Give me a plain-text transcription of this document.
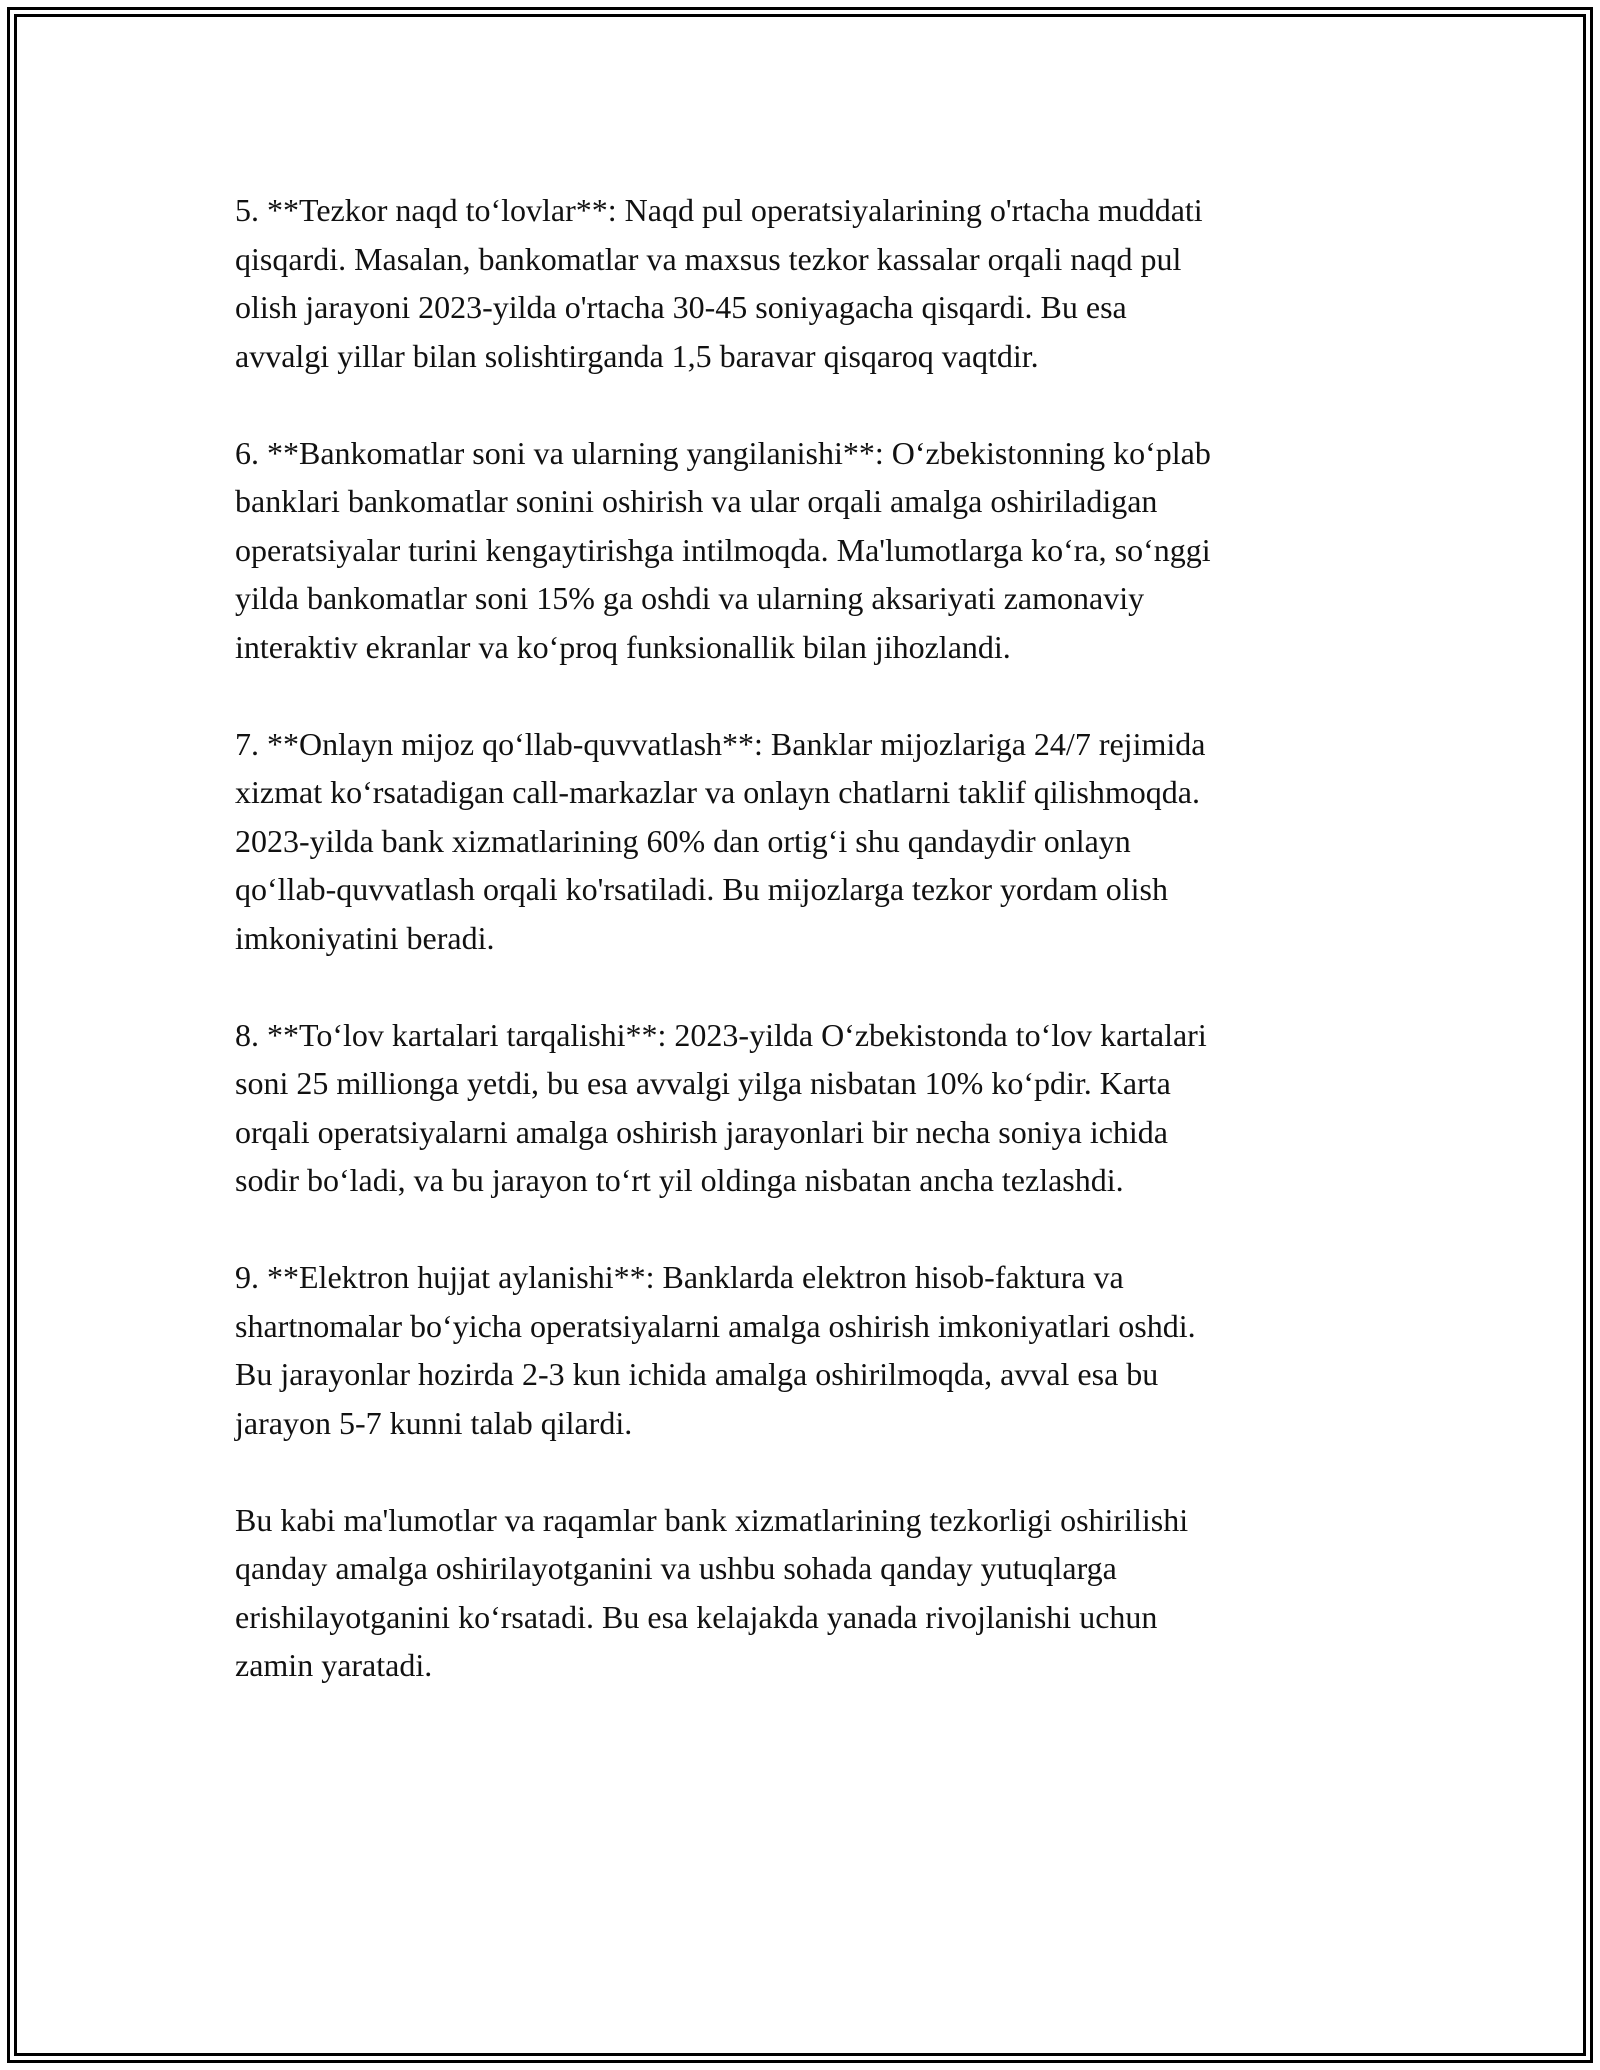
5. **Tezkor naqd to‘lovlar**: Naqd pul operatsiyalarining o'rtacha muddati
qisqardi. Masalan, bankomatlar va maxsus tezkor kassalar orqali naqd pul
olish jarayoni 2023-yilda o'rtacha 30-45 soniyagacha qisqardi. Bu esa
avvalgi yillar bilan solishtirganda 1,5 baravar qisqaroq vaqtdir.

6. **Bankomatlar soni va ularning yangilanishi**: O‘zbekistonning ko‘plab
banklari bankomatlar sonini oshirish va ular orqali amalga oshiriladigan
operatsiyalar turini kengaytirishga intilmoqda. Ma'lumotlarga ko‘ra, so‘nggi
yilda bankomatlar soni 15% ga oshdi va ularning aksariyati zamonaviy
interaktiv ekranlar va ko‘proq funksionallik bilan jihozlandi.

7. **Onlayn mijoz qo‘llab-quvvatlash**: Banklar mijozlariga 24/7 rejimida
xizmat ko‘rsatadigan call-markazlar va onlayn chatlarni taklif qilishmoqda.
2023-yilda bank xizmatlarining 60% dan ortig‘i shu qandaydir onlayn
qo‘llab-quvvatlash orqali ko'rsatiladi. Bu mijozlarga tezkor yordam olish
imkoniyatini beradi.

8. **To‘lov kartalari tarqalishi**: 2023-yilda O‘zbekistonda to‘lov kartalari
soni 25 millionga yetdi, bu esa avvalgi yilga nisbatan 10% ko‘pdir. Karta
orqali operatsiyalarni amalga oshirish jarayonlari bir necha soniya ichida
sodir bo‘ladi, va bu jarayon to‘rt yil oldinga nisbatan ancha tezlashdi.

9. **Elektron hujjat aylanishi**: Banklarda elektron hisob-faktura va
shartnomalar bo‘yicha operatsiyalarni amalga oshirish imkoniyatlari oshdi.
Bu jarayonlar hozirda 2-3 kun ichida amalga oshirilmoqda, avval esa bu
jarayon 5-7 kunni talab qilardi.

Bu kabi ma'lumotlar va raqamlar bank xizmatlarining tezkorligi oshirilishi
qanday amalga oshirilayotganini va ushbu sohada qanday yutuqlarga
erishilayotganini ko‘rsatadi. Bu esa kelajakda yanada rivojlanishi uchun
zamin yaratadi.
